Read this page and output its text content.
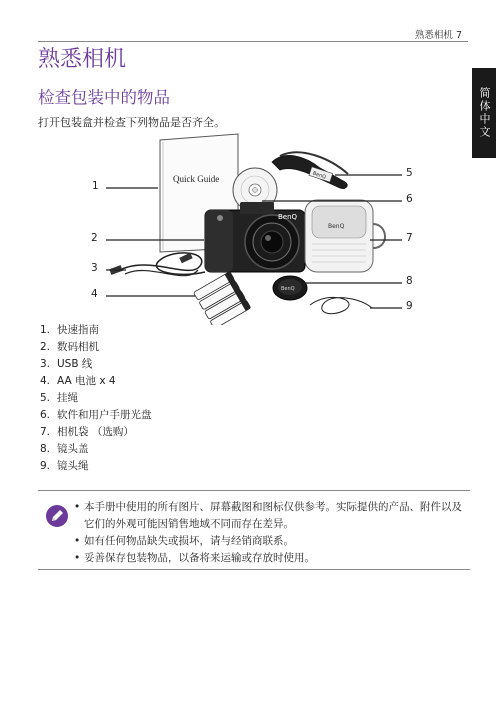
熟悉相机 7
简体中文
熟悉相机
检查包装中的物品
打开包装盒并检查下列物品是否齐全。
Quick Guide	BenQ
BenQ
BenQ
BenQ
1
2
3
4
5
6
7
8
9
1. 快速指南
2. 数码相机
3. USB 线
4. AA 电池 x 4
5. 挂绳
6. 软件和用户手册光盘
7. 相机袋 （选购）
8. 镜头盖
9. 镜头绳
• 本手册中使用的所有图片、屏幕截图和图标仅供参考。实际提供的产品、附件以及它们的外观可能因销售地域不同而存在差异。
• 如有任何物品缺失或损坏，请与经销商联系。
• 妥善保存包装物品，以备将来运输或存放时使用。
